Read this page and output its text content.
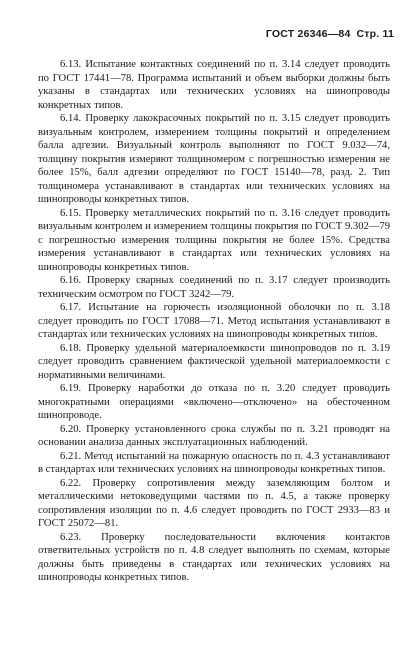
ГОСТ 26346—84 Стр. 11

6.13. Испытание контактных соединений по п. 3.14 следует проводить по ГОСТ 17441—78. Программа испытаний и объем выборки должны быть указаны в стандартах или технических условиях на шинопроводы конкретных типов.

6.14. Проверку лакокрасочных покрытий по п. 3.15 следует проводить визуальным контролем, измерением толщины покрытий и определением балла адгезии. Визуальный контроль выполняют по ГОСТ 9.032—74, толщину покрытия измеряют толщиномером с погрешностью измерения не более 15%, балл адгезии определяют по ГОСТ 15140—78, разд. 2. Тип толщиномера устанавливают в стандартах или технических условиях на шинопроводы конкретных типов.

6.15. Проверку металлических покрытий по п. 3.16 следует проводить визуальным контролем и измерением толщины покрытия по ГОСТ 9.302—79 с погрешностью измерения толщины покрытия не более 15%. Средства измерения устанавливают в стандартах или технических условиях на шинопроводы конкретных типов.

6.16. Проверку сварных соединений по п. 3.17 следует производить техническим осмотром по ГОСТ 3242—79.

6.17. Испытание на горючесть изоляционной оболочки по п. 3.18 следует проводить по ГОСТ 17088—71. Метод испытания устанавливают в стандартах или технических условиях на шинопроводы конкретных типов.

6.18. Проверку удельной материалоемкости шинопроводов по п. 3.19 следует проводить сравнением фактической удельной материалоемкости с нормативными величинами.

6.19. Проверку наработки до отказа по п. 3.20 следует проводить многократными операциями «включено—отключено» на обесточенном шинопроводе.

6.20. Проверку установленного срока службы по п. 3.21 проводят на основании анализа данных эксплуатационных наблюдений.

6.21. Метод испытаний на пожарную опасность по п. 4.3 устанавливают в стандартах или технических условиях на шинопроводы конкретных типов.

6.22. Проверку сопротивления между заземляющим болтом и металлическими нетоковедущими частями по п. 4.5, а также проверку сопротивления изоляции по п. 4.6 следует проводить по ГОСТ 2933—83 и ГОСТ 25072—81.

6.23. Проверку последовательности включения контактов ответвительных устройств по п. 4.8 следует выполнять по схемам, которые должны быть приведены в стандартах или технических условиях на шинопроводы конкретных типов.
